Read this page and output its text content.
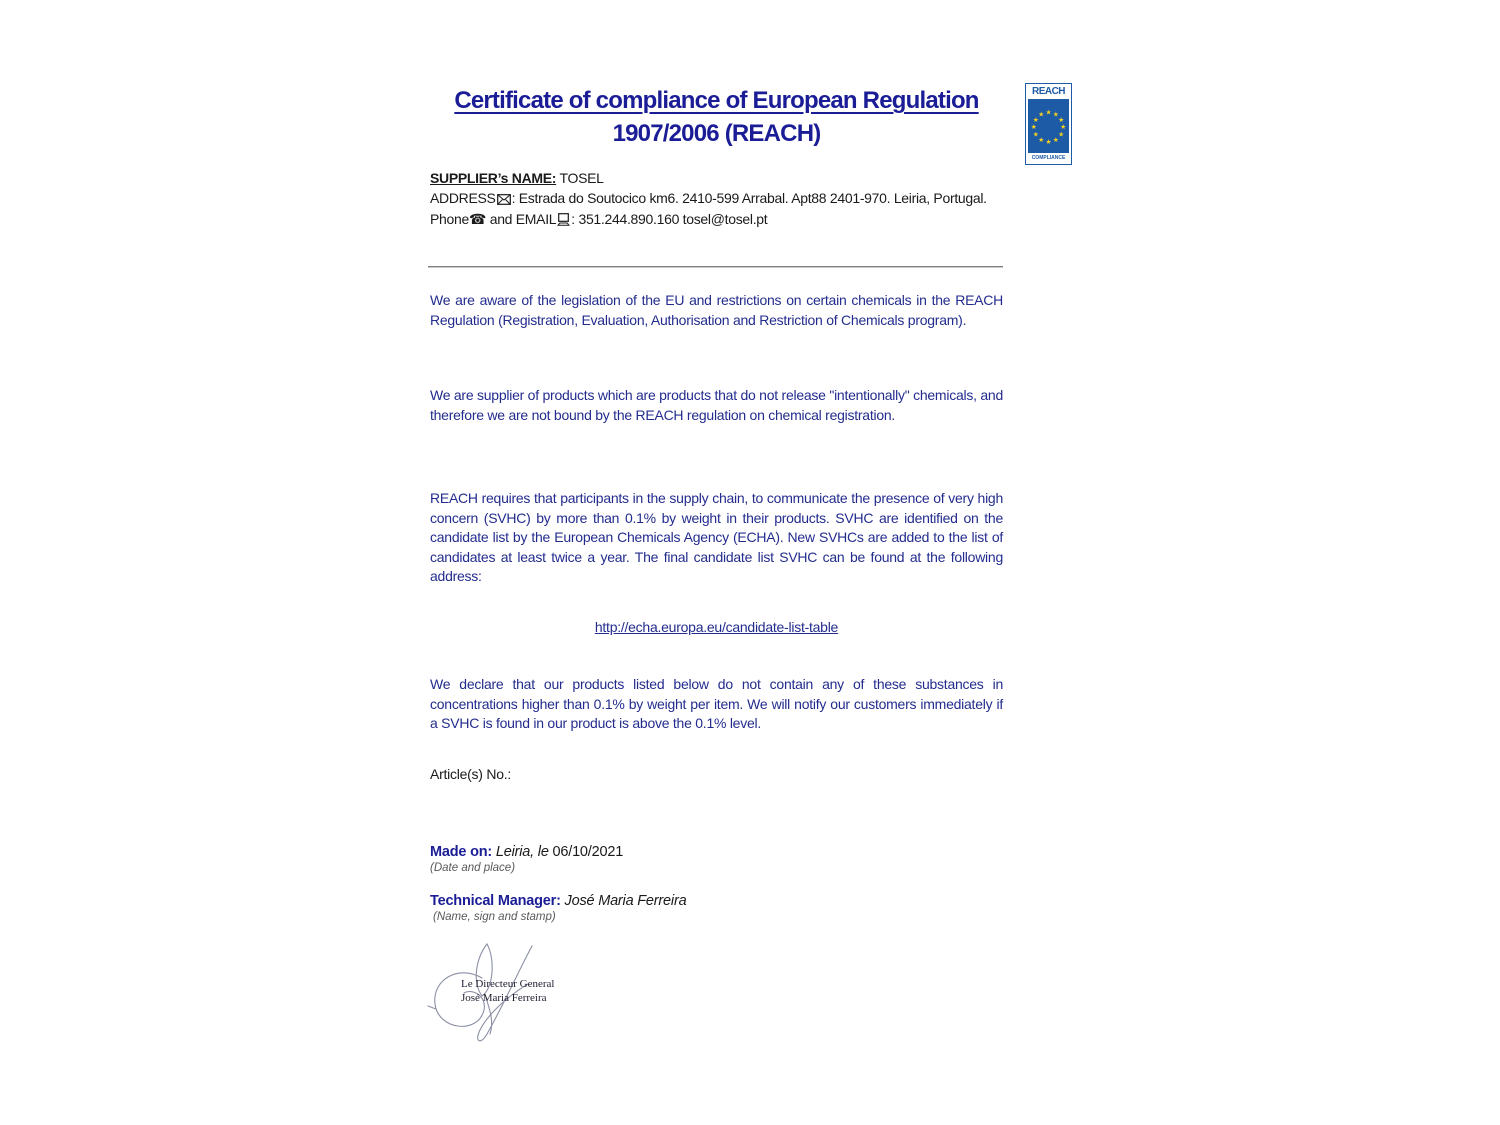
Certificate of compliance of European Regulation
1907/2006 (REACH)
REACH
★ ★
★
★
★
★
★
★
★
★
★
★
COMPLIANCE
SUPPLIER’s NAME: TOSEL
ADDRESS : Estrada do Soutocico km6. 2410-599 Arrabal. Apt88 2401-970. Leiria, Portugal.
Phone☎ and EMAIL : 351.244.890.160 tosel@tosel.pt

We are aware of the legislation of the EU and restrictions on certain chemicals in the REACH Regulation (Registration, Evaluation, Authorisation and Restriction of Chemicals program).

We are supplier of products which are products that do not release "intentionally" chemicals, and therefore we are not bound by the REACH regulation on chemical registration.

REACH requires that participants in the supply chain, to communicate the presence of very high concern (SVHC) by more than 0.1% by weight in their products. SVHC are identified on the candidate list by the European Chemicals Agency (ECHA). New SVHCs are added to the list of candidates at least twice a year. The final candidate list SVHC can be found at the following address:

http://echa.europa.eu/candidate-list-table

We declare that our products listed below do not contain any of these substances in concentrations higher than 0.1% by weight per item. We will notify our customers immediately if a SVHC is found in our product is above the 0.1% level.

Article(s) No.:
Made on: Leiria, le 06/10/2021
(Date and place)
Technical Manager: José Maria Ferreira
(Name, sign and stamp)
Le Directeur General
José Maria Ferreira
